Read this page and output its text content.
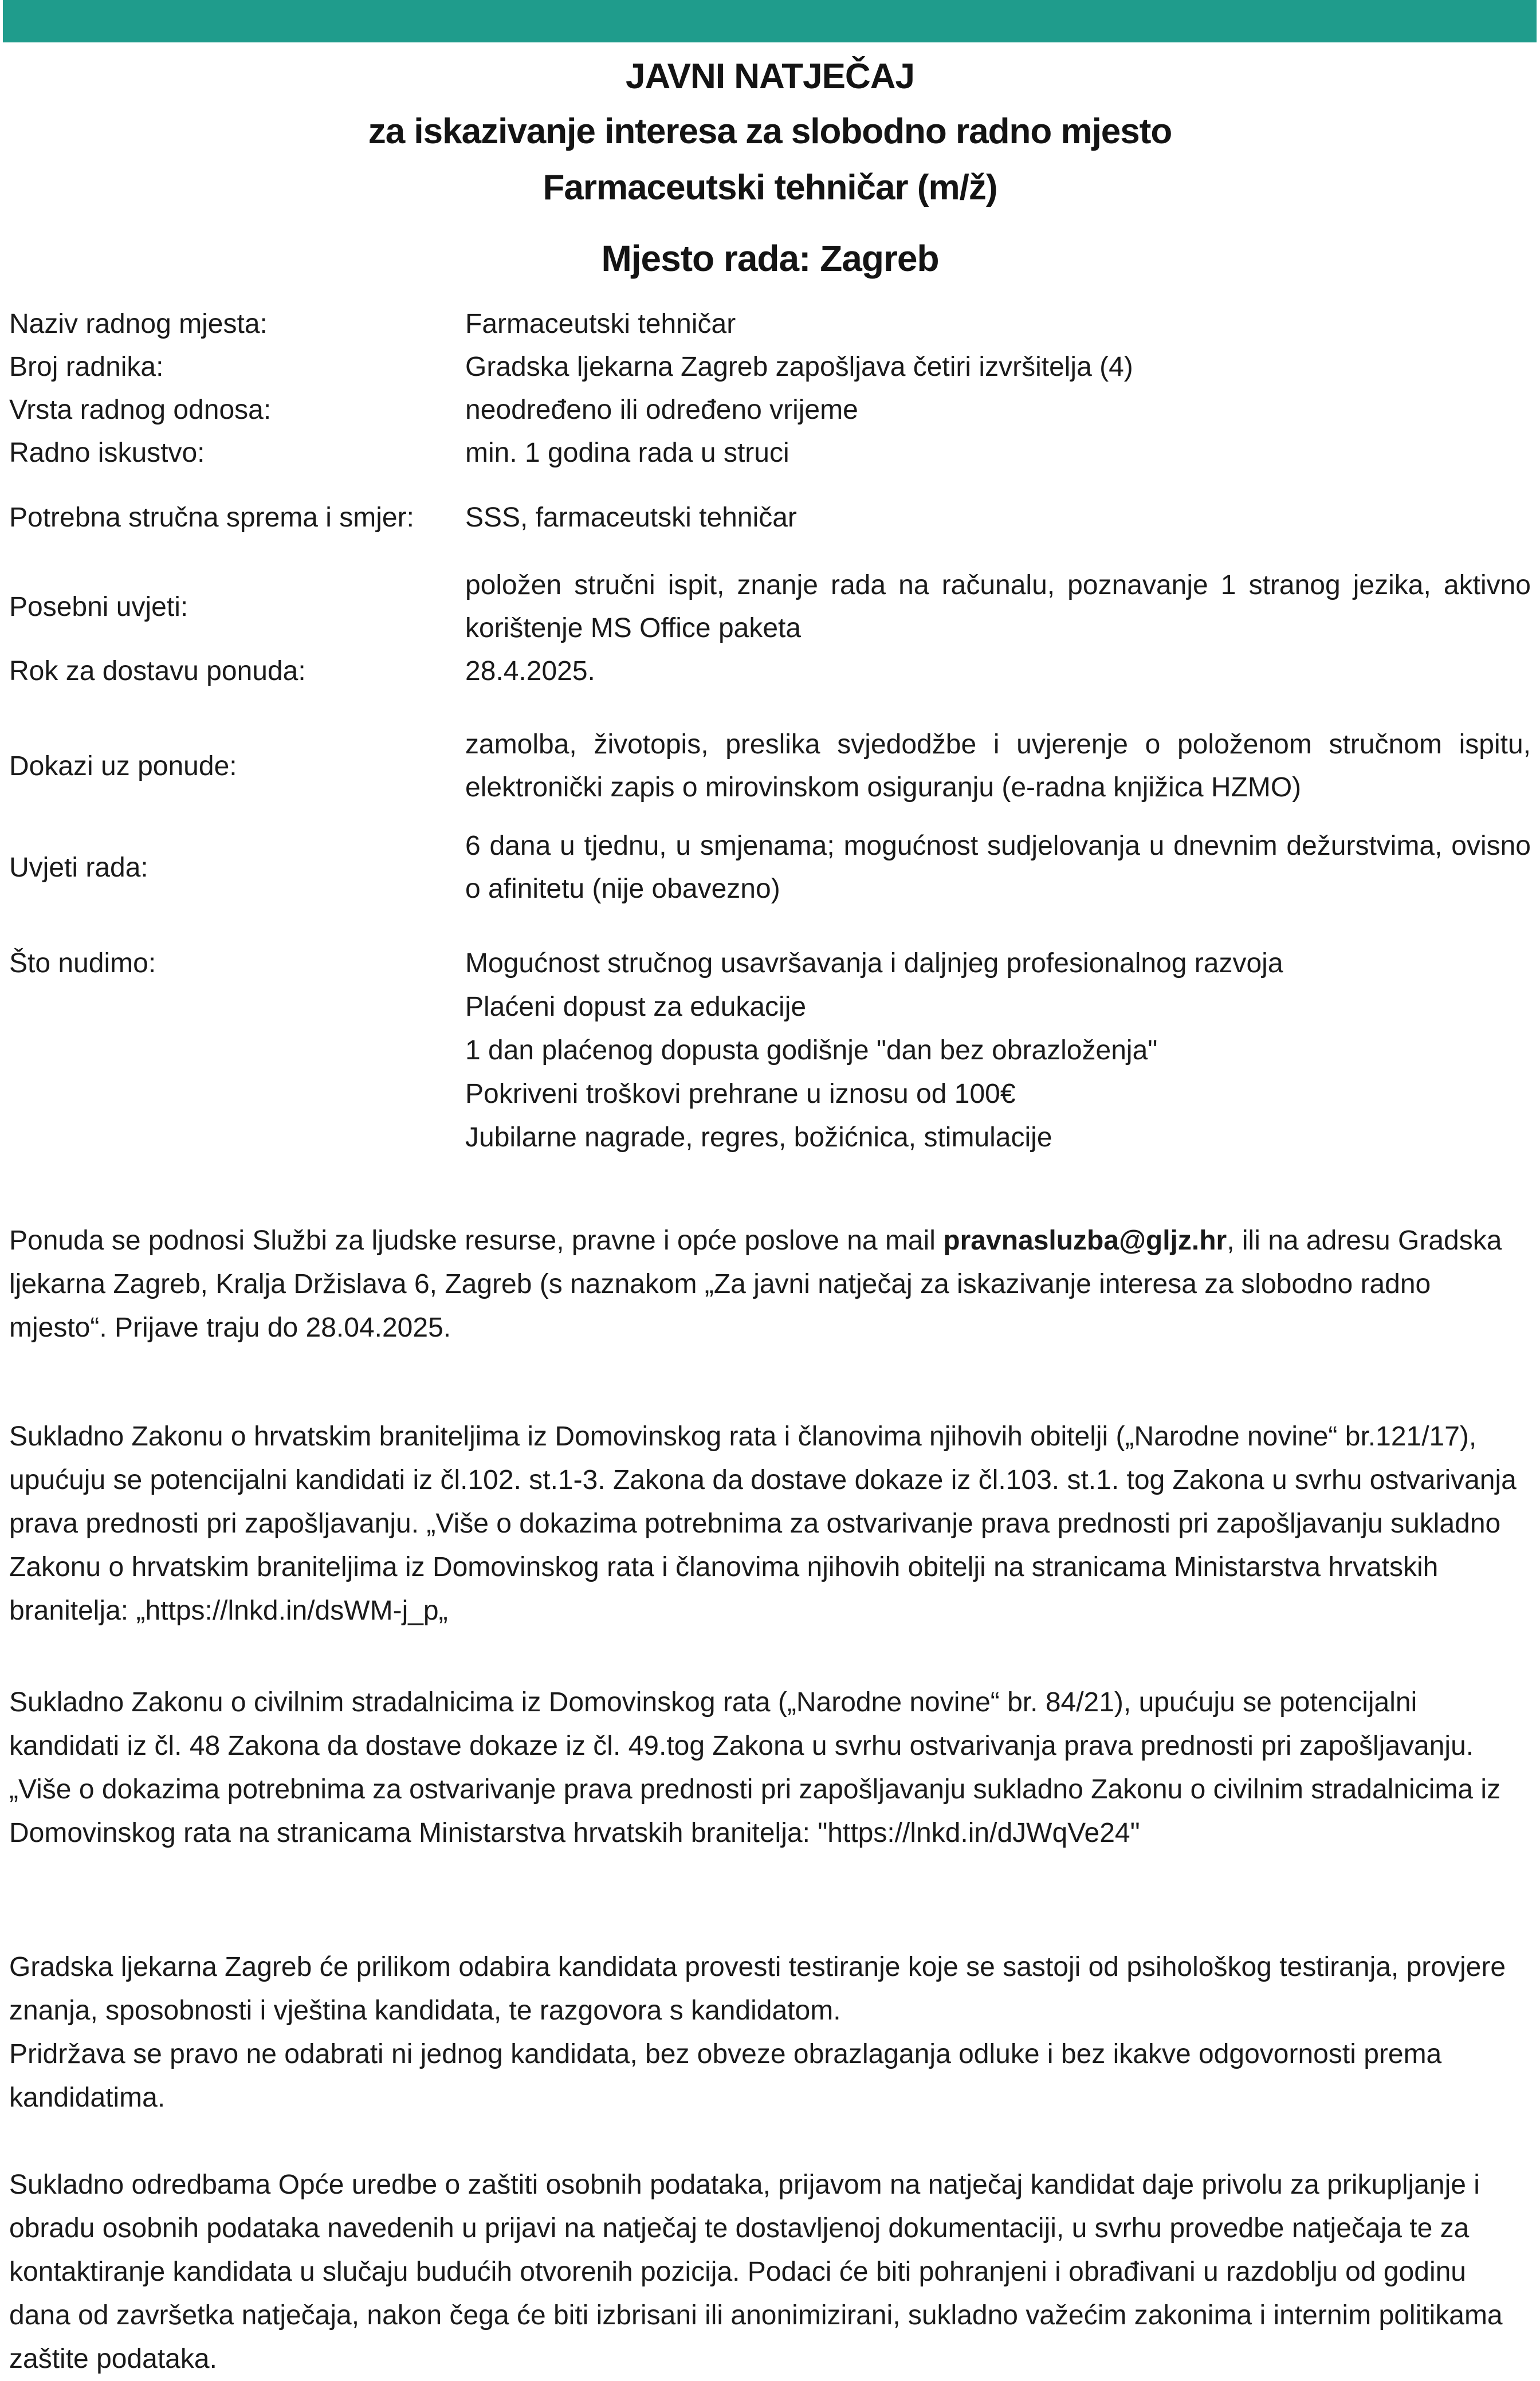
JAVNI NATJEČAJ
za iskazivanje interesa za slobodno radno mjesto
Farmaceutski tehničar (m/ž)
Mjesto rada: Zagreb
Naziv radnog mjesta:	Farmaceutski tehničar
Broj radnika:	Gradska ljekarna Zagreb zapošljava četiri izvršitelja (4)
Vrsta radnog odnosa:	neodređeno ili određeno vrijeme
Radno iskustvo:	min. 1 godina rada u struci
Potrebna stručna sprema i smjer: SSS, farmaceutski tehničar
Posebni uvjeti:
položen stručni ispit, znanje rada na računalu, poznavanje 1 stranog jezika, aktivno korištenje MS Office paketa
Rok za dostavu ponuda:	28.4.2025.
Dokazi uz ponude:
zamolba, životopis, preslika svjedodžbe i uvjerenje o položenom stručnom ispitu, elektronički zapis o mirovinskom osiguranju (e-radna knjižica HZMO)
Uvjeti rada:
6 dana u tjednu, u smjenama; mogućnost sudjelovanja u dnevnim dežurstvima, ovisno o afinitetu (nije obavezno)
Što nudimo:	Mogućnost stručnog usavršavanja i daljnjeg profesionalnog razvoja
Plaćeni dopust za edukacije
1 dan plaćenog dopusta godišnje "dan bez obrazloženja"
Pokriveni troškovi prehrane u iznosu od 100€
Jubilarne nagrade, regres, božićnica, stimulacije
Ponuda se podnosi Službi za ljudske resurse, pravne i opće poslove na mail pravnasluzba@gljz.hr, ili na adresu Gradska ljekarna Zagreb, Kralja Držislava 6, Zagreb (s naznakom „Za javni natječaj za iskazivanje interesa za slobodno radno mjesto“. Prijave traju do 28.04.2025.
Sukladno Zakonu o hrvatskim braniteljima iz Domovinskog rata i članovima njihovih obitelji („Narodne novine“ br.121/17), upućuju se potencijalni kandidati iz čl.102. st.1-3. Zakona da dostave dokaze iz čl.103. st.1. tog Zakona u svrhu ostvarivanja prava prednosti pri zapošljavanju. „Više o dokazima potrebnima za ostvarivanje prava prednosti pri zapošljavanju sukladno Zakonu o hrvatskim braniteljima iz Domovinskog rata i članovima njihovih obitelji na stranicama Ministarstva hrvatskih branitelja: „https://lnkd.in/dsWM-j_p„
Sukladno Zakonu o civilnim stradalnicima iz Domovinskog rata („Narodne novine“ br. 84/21), upućuju se potencijalni kandidati iz čl. 48 Zakona da dostave dokaze iz čl. 49.tog Zakona u svrhu ostvarivanja prava prednosti pri zapošljavanju. „Više o dokazima potrebnima za ostvarivanje prava prednosti pri zapošljavanju sukladno Zakonu o civilnim stradalnicima iz Domovinskog rata na stranicama Ministarstva hrvatskih branitelja: "https://lnkd.in/dJWqVe24"
Gradska ljekarna Zagreb će prilikom odabira kandidata provesti testiranje koje se sastoji od psihološkog testiranja, provjere znanja, sposobnosti i vještina kandidata, te razgovora s kandidatom.
Pridržava se pravo ne odabrati ni jednog kandidata, bez obveze obrazlaganja odluke i bez ikakve odgovornosti prema kandidatima.
Sukladno odredbama Opće uredbe o zaštiti osobnih podataka, prijavom na natječaj kandidat daje privolu za prikupljanje i obradu osobnih podataka navedenih u prijavi na natječaj te dostavljenoj dokumentaciji, u svrhu provedbe natječaja te za kontaktiranje kandidata u slučaju budućih otvorenih pozicija. Podaci će biti pohranjeni i obrađivani u razdoblju od godinu dana od završetka natječaja, nakon čega će biti izbrisani ili anonimizirani, sukladno važećim zakonima i internim politikama zaštite podataka.
